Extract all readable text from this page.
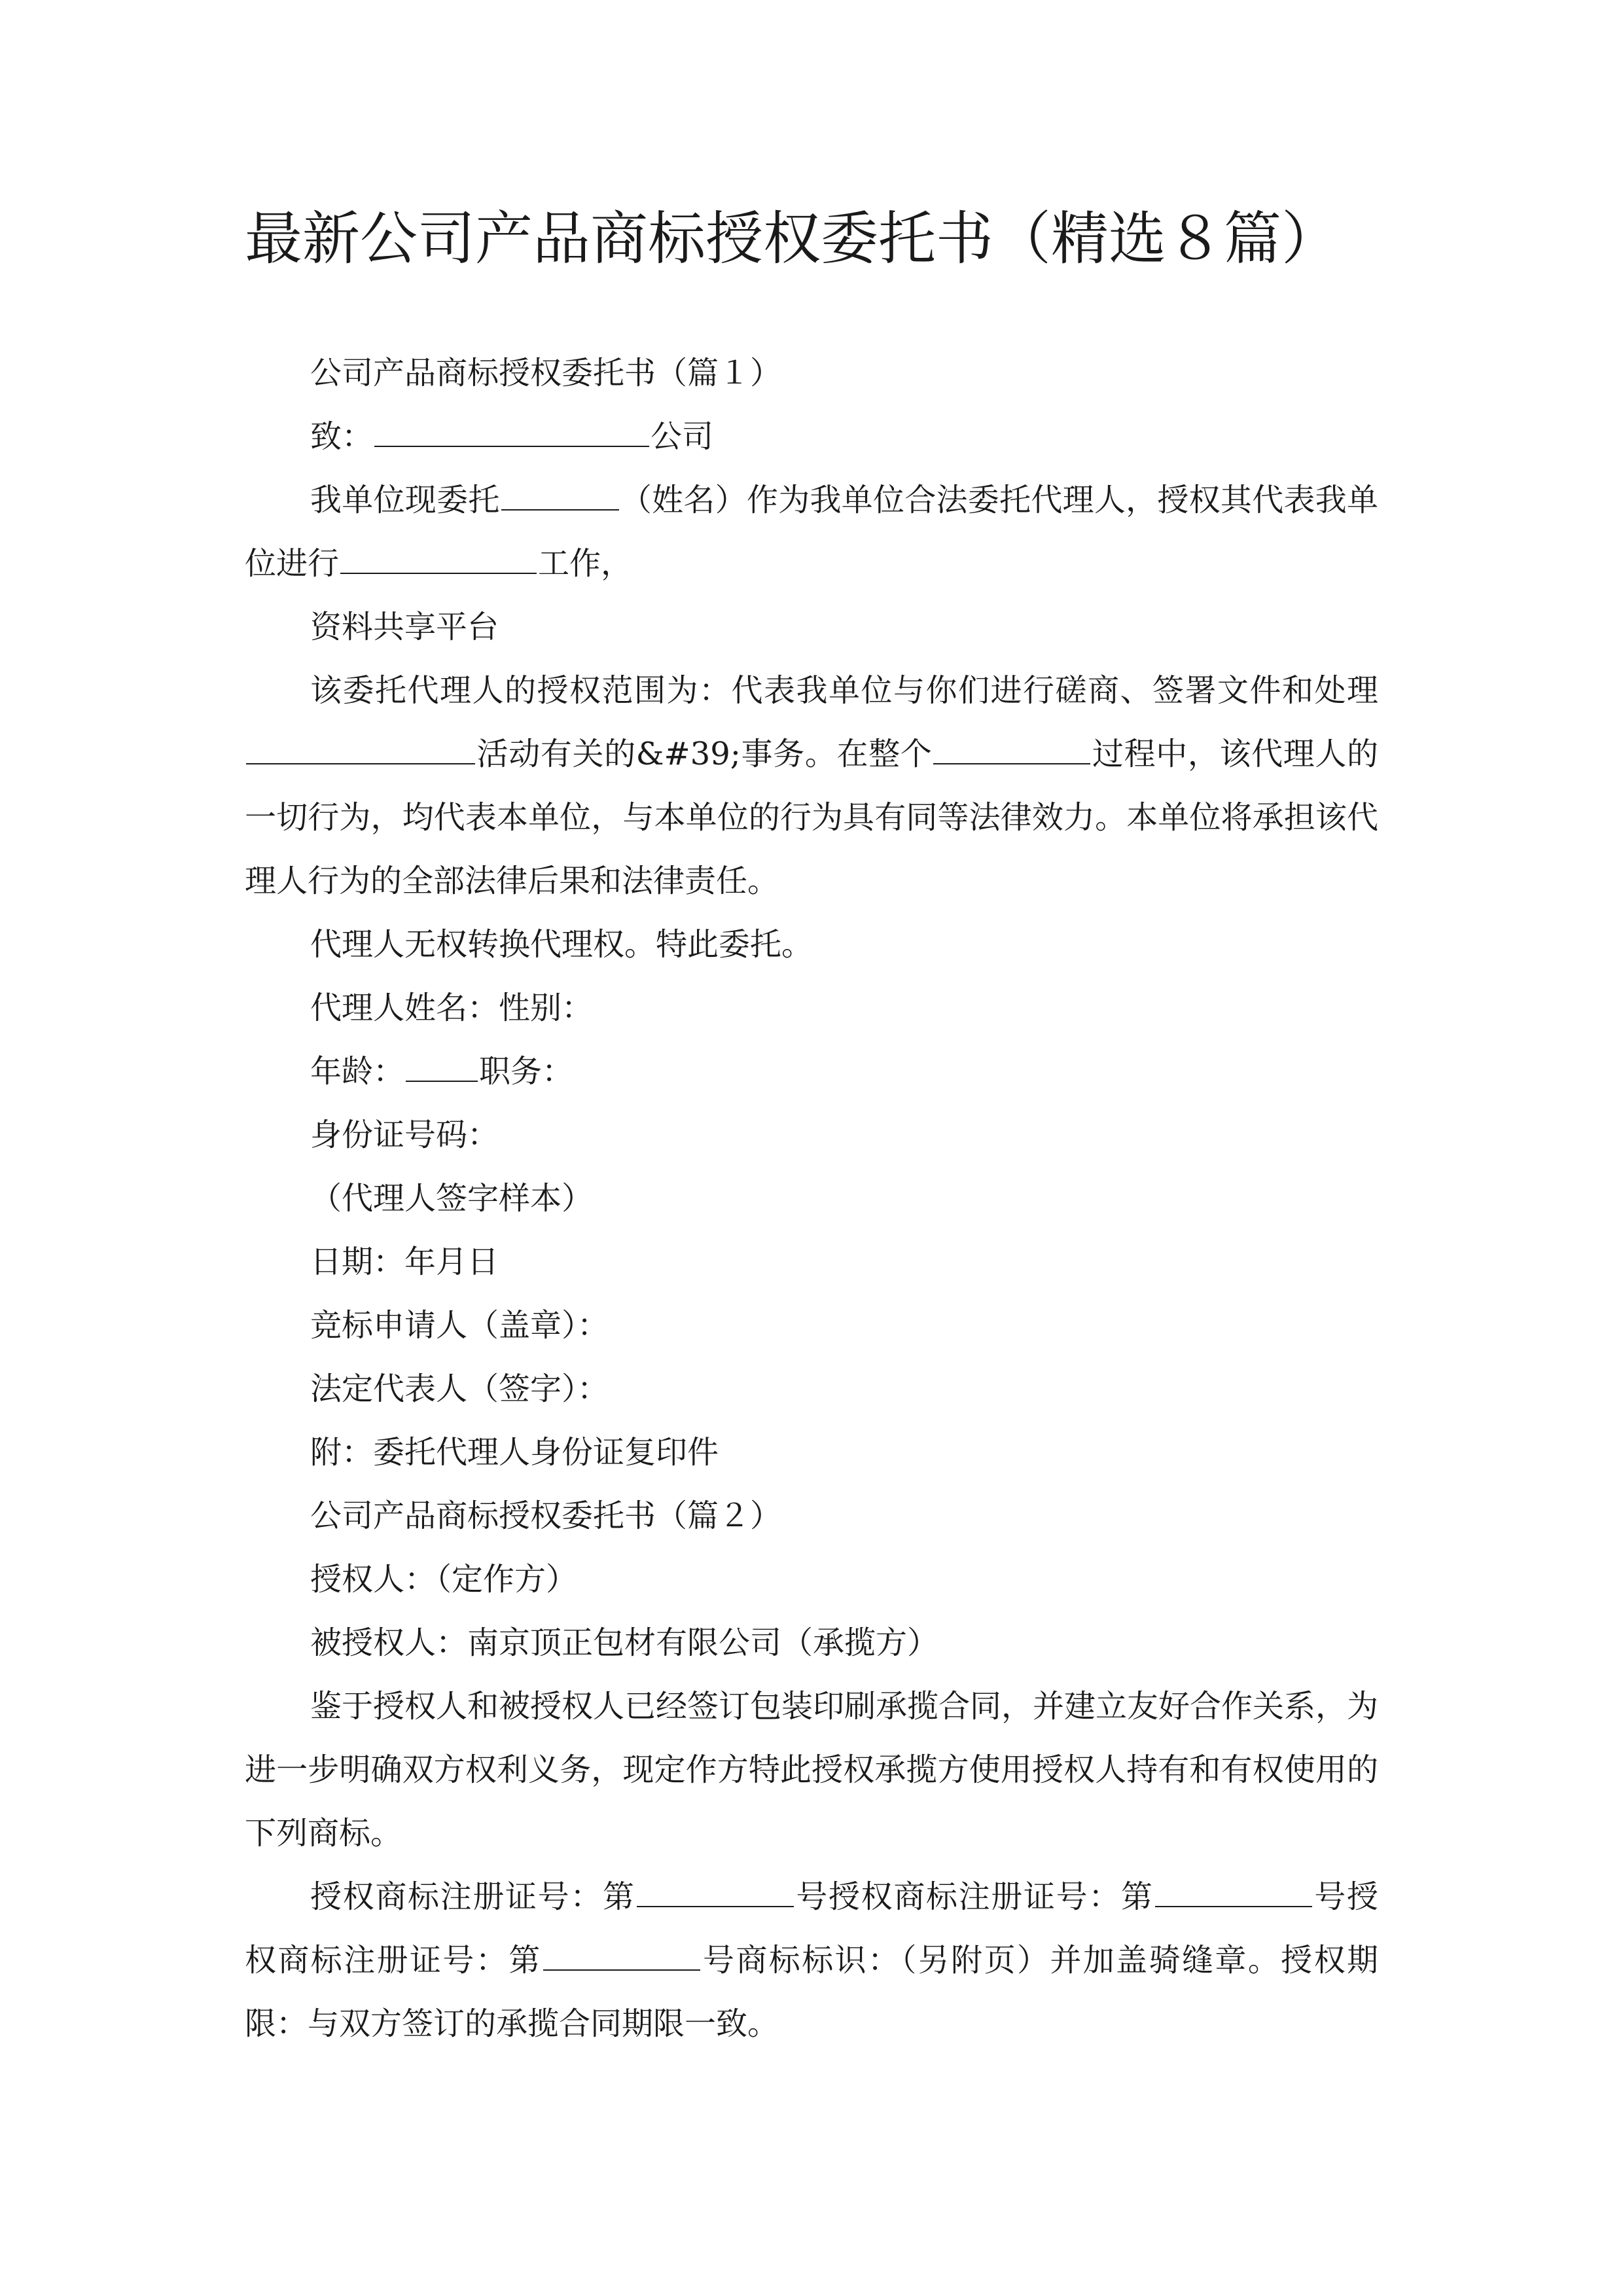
最新公司产品商标授权委托书（精选８篇）

公司产品商标授权委托书（篇１）

致：	公司

我单位现委托	（姓名）作为我单位合法委托代理人，授权其代表我单位进行	工作，

资料共享平台

该委托代理人的授权范围为：代表我单位与你们进行磋商、签署文件和处理活动有关的&#39;事务。在整个	过程中，该代理人的一切行为，均代表本单位，与本单位的行为具有同等法律效力。本单位将承担该代理人行为的全部法律后果和法律责任。

代理人无权转换代理权。特此委托。

代理人姓名：性别：

年龄： 职务：

身份证号码：

（代理人签字样本）

日期：年月日

竞标申请人（盖章）：

法定代表人（签字）：

附：委托代理人身份证复印件

公司产品商标授权委托书（篇２）

授权人：（定作方）

被授权人：南京顶正包材有限公司（承揽方）

鉴于授权人和被授权人已经签订包装印刷承揽合同，并建立友好合作关系，为进一步明确双方权利义务，现定作方特此授权承揽方使用授权人持有和有权使用的下列商标。

授权商标注册证号：第	号授权商标注册证号：第	号授权商标注册证号：第	号商标标识：（另附页）并加盖骑缝章。授权期限：与双方签订的承揽合同期限一致。
